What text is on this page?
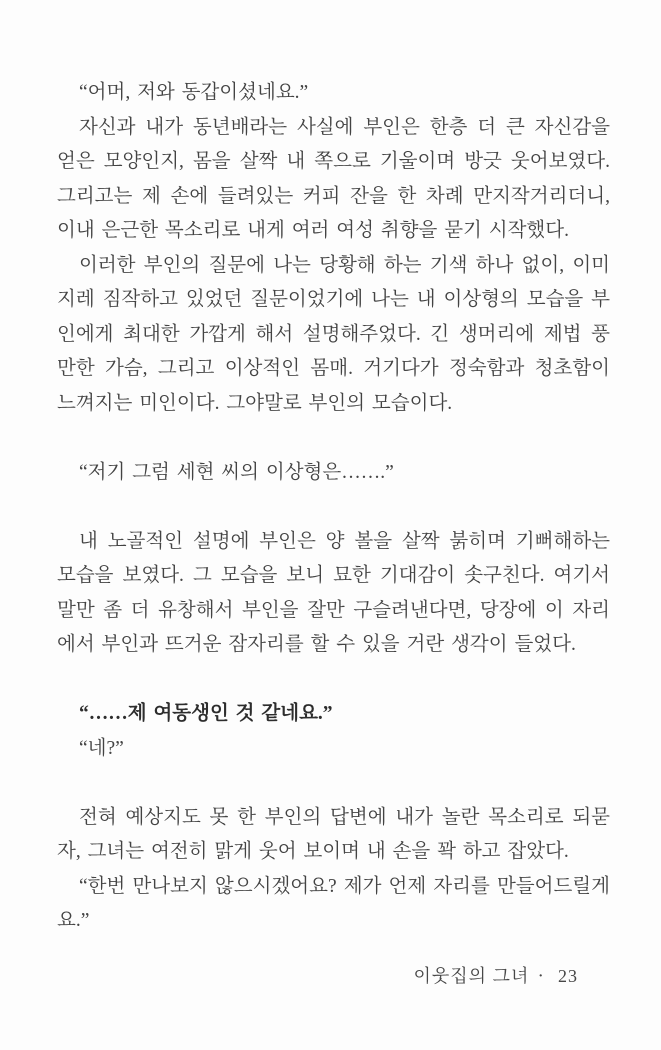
“어머, 저와 동갑이셨네요.”

자신과 내가 동년배라는 사실에 부인은 한층 더 큰 자신감을
얻은 모양인지, 몸을 살짝 내 쪽으로 기울이며 방긋 웃어보였다.
그리고는 제 손에 들려있는 커피 잔을 한 차례 만지작거리더니,
이내 은근한 목소리로 내게 여러 여성 취향을 묻기 시작했다.

이러한 부인의 질문에 나는 당황해 하는 기색 하나 없이, 이미
지레 짐작하고 있었던 질문이었기에 나는 내 이상형의 모습을 부
인에게 최대한 가깝게 해서 설명해주었다. 긴 생머리에 제법 풍
만한 가슴, 그리고 이상적인 몸매. 거기다가 정숙함과 청초함이
느껴지는 미인이다. 그야말로 부인의 모습이다.

“저기 그럼 세현 씨의 이상형은…….”

내 노골적인 설명에 부인은 양 볼을 살짝 붉히며 기뻐해하는
모습을 보였다. 그 모습을 보니 묘한 기대감이 솟구친다. 여기서
말만 좀 더 유창해서 부인을 잘만 구슬려낸다면, 당장에 이 자리
에서 부인과 뜨거운 잠자리를 할 수 있을 거란 생각이 들었다.

“……제 여동생인 것 같네요.”

“네?”

전혀 예상지도 못 한 부인의 답변에 내가 놀란 목소리로 되묻
자, 그녀는 여전히 맑게 웃어 보이며 내 손을 꽉 하고 잡았다.

“한번 만나보지 않으시겠어요? 제가 언제 자리를 만들어드릴게
요.”

이웃집의 그녀 · 23
